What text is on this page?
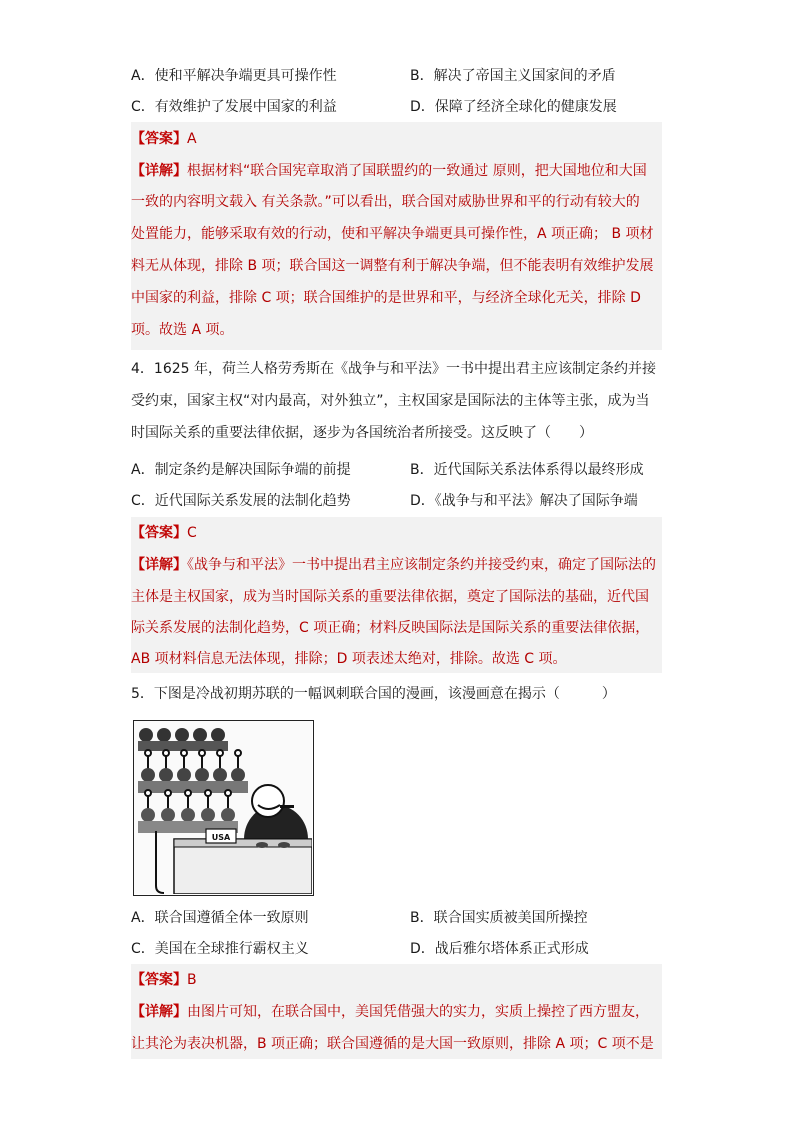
A．使和平解决争端更具可操作性	B．解决了帝国主义国家间的矛盾
C．有效维护了发展中国家的利益	D．保障了经济全球化的健康发展
【答案】A
【详解】根据材料“联合国宪章取消了国联盟约的一致通过 原则，把大国地位和大国
一致的内容明文载入 有关条款。”可以看出，联合国对威胁世界和平的行动有较大的
处置能力，能够采取有效的行动，使和平解决争端更具可操作性，A 项正确； B 项材
料无从体现，排除 B 项；联合国这一调整有利于解决争端，但不能表明有效维护发展
中国家的利益，排除 C 项；联合国维护的是世界和平，与经济全球化无关，排除 D
项。故选 A 项。
4．1625 年，荷兰人格劳秀斯在《战争与和平法》一书中提出君主应该制定条约并接
受约束，国家主权“对内最高，对外独立”，主权国家是国际法的主体等主张，成为当
时国际关系的重要法律依据，逐步为各国统治者所接受。这反映了（　　）
A．制定条约是解决国际争端的前提	B．近代国际关系法体系得以最终形成
C．近代国际关系发展的法制化趋势	D．《战争与和平法》解决了国际争端
【答案】C
【详解】《战争与和平法》一书中提出君主应该制定条约并接受约束，确定了国际法的
主体是主权国家，成为当时国际关系的重要法律依据，奠定了国际法的基础，近代国
际关系发展的法制化趋势，C 项正确；材料反映国际法是国际关系的重要法律依据，
AB 项材料信息无法体现，排除；D 项表述太绝对，排除。故选 C 项。
5．下图是冷战初期苏联的一幅讽刺联合国的漫画，该漫画意在揭示（　　　）
USA
A．联合国遵循全体一致原则	B．联合国实质被美国所操控
C．美国在全球推行霸权主义	D．战后雅尔塔体系正式形成
【答案】B
【详解】由图片可知，在联合国中，美国凭借强大的实力，实质上操控了西方盟友，
让其沦为表决机器，B 项正确；联合国遵循的是大国一致原则，排除 A 项；C 项不是
